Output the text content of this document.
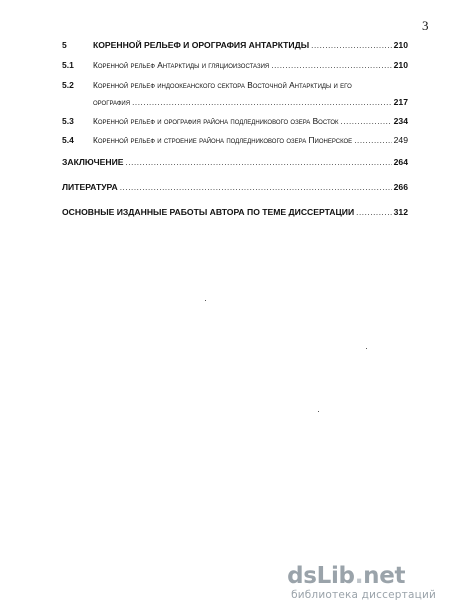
3
5	КОРЕННОЙ РЕЛЬЕФ И ОРОГРАФИЯ АНТАРКТИДЫ .....	210
5.1	Коренной рельеф Антарктиды и гляциоизостазия .....	210
5.2	Коренной рельеф индоокеанского сектора Восточной Антарктиды и его
орография .....	217
5.3	Коренной рельеф и орография района подледникового озера Восток .....	234
5.4	Коренной рельеф и строение района подледникового озера Пионерское .....	249
ЗАКЛЮЧЕНИЕ .....	264
ЛИТЕРАТУРА .....	266
ОСНОВНЫЕ ИЗДАННЫЕ РАБОТЫ АВТОРА ПО ТЕМЕ ДИССЕРТАЦИИ .....	312
dsLib.net
библиотека диссертаций
